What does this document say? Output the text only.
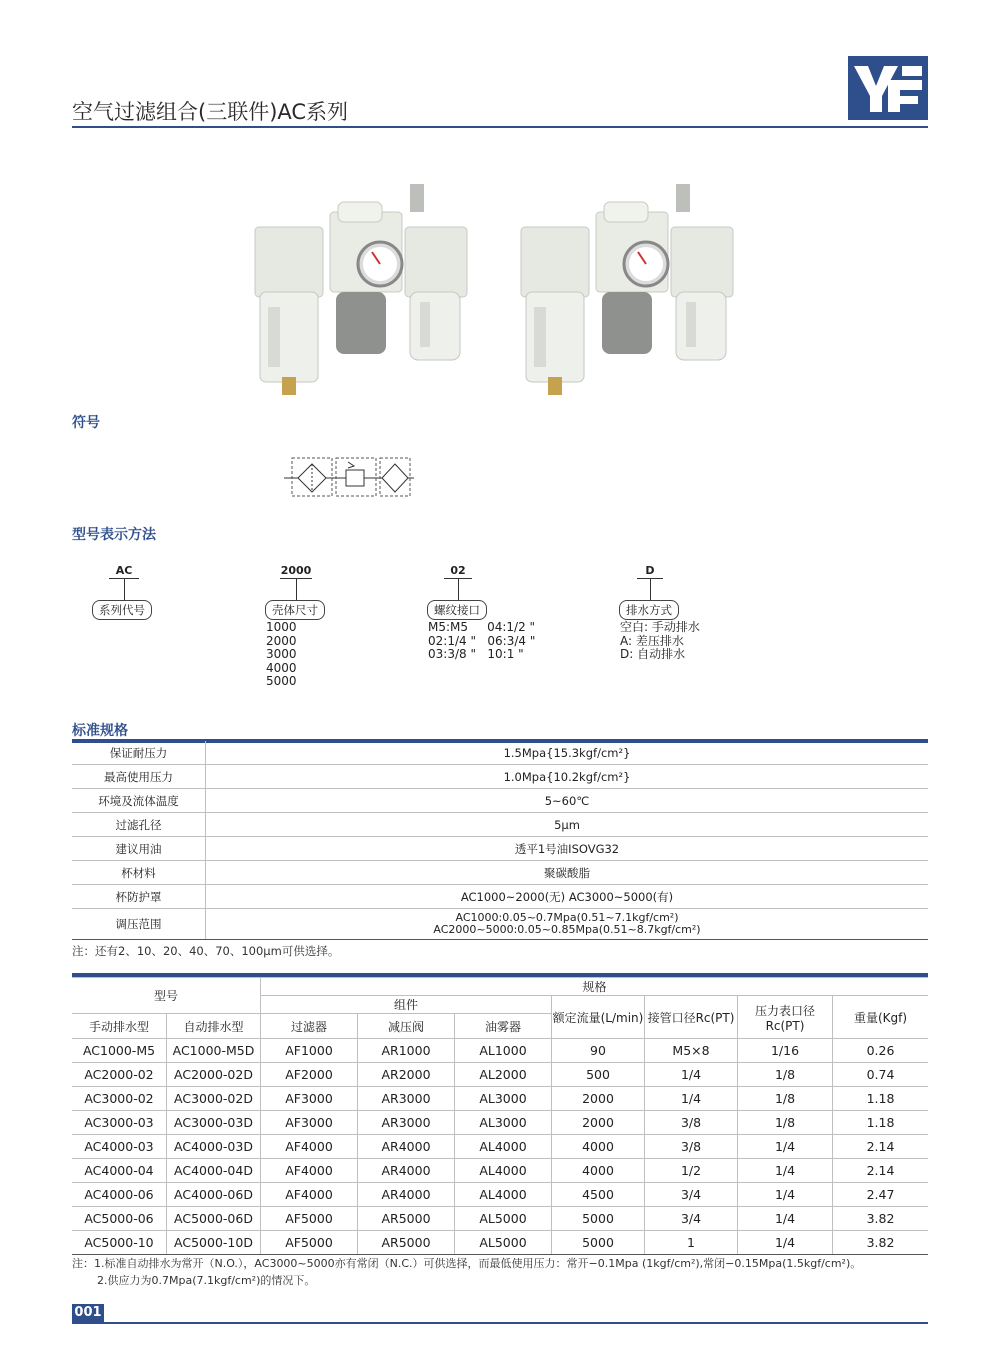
空气过滤组合(三联件)AC系列
符号
型号表示方法
AC
系列代号
2000
壳体尺寸
1000
2000
3000
4000
5000
02
螺纹接口
M5:M5     04:1/2 "
02:1/4 "   06:3/4 "
03:3/8 "   10:1 "
D
排水方式
空白: 手动排水
A: 差压排水
D: 自动排水
标准规格
保证耐压力	1.5Mpa{15.3kgf/cm²}
最高使用压力	1.0Mpa{10.2kgf/cm²}
环境及流体温度	5~60℃
过滤孔径	5μm
建议用油	透平1号油ISOVG32
杯材料	聚碳酸脂
杯防护罩	AC1000~2000(无) AC3000~5000(有)
调压范围	AC1000:0.05~0.7Mpa(0.51~7.1kgf/cm²)
AC2000~5000:0.05~0.85Mpa(0.51~8.7kgf/cm²)
注：还有2、10、20、40、70、100μm可供选择。
型号		规格						
		组件			额定流量(L/min)	接管口径Rc(PT)	压力表口径Rc(PT)	重量(Kgf)
手动排水型	自动排水型	过滤器	减压阀	油雾器				
AC1000-M5	AC1000-M5D	AF1000	AR1000	AL1000	90	M5×8	1/16	0.26
AC2000-02	AC2000-02D	AF2000	AR2000	AL2000	500	1/4	1/8	0.74
AC3000-02	AC3000-02D	AF3000	AR3000	AL3000	2000	1/4	1/8	1.18
AC3000-03	AC3000-03D	AF3000	AR3000	AL3000	2000	3/8	1/8	1.18
AC4000-03	AC4000-03D	AF4000	AR4000	AL4000	4000	3/8	1/4	2.14
AC4000-04	AC4000-04D	AF4000	AR4000	AL4000	4000	1/2	1/4	2.14
AC4000-06	AC4000-06D	AF4000	AR4000	AL4000	4500	3/4	1/4	2.47
AC5000-06	AC5000-06D	AF5000	AR5000	AL5000	5000	3/4	1/4	3.82
AC5000-10	AC5000-10D	AF5000	AR5000	AL5000	5000	1	1/4	3.82
注：1.标准自动排水为常开（N.O.），AC3000~5000亦有常闭（N.C.）可供选择，而最低使用压力：常开−0.1Mpa (1kgf/cm²),常闭−0.15Mpa(1.5kgf/cm²)。
2.供应力为0.7Mpa(7.1kgf/cm²)的情况下。
001
